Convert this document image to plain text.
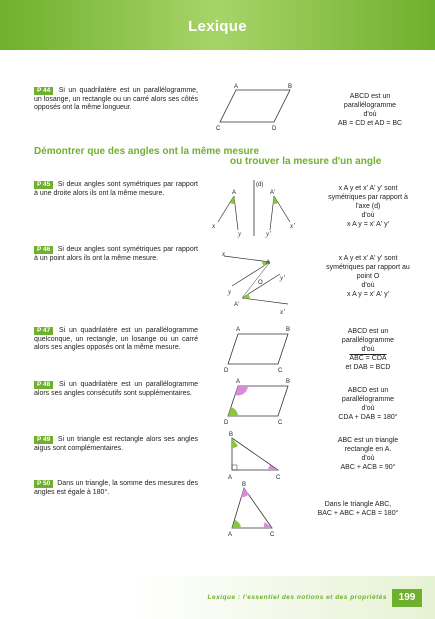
Lexique
P 44 Si un quadrilatère est un parallélogramme, un losange, un rectangle ou un carré alors ses côtés opposés ont la même longueur.
A	B
C	D
ABCD est un
parallélogramme
d'où
AB = CD et AD = BC
Démontrer que des angles ont la même mesure
ou trouver la mesure d'un angle
P 45 Si deux angles sont symétriques par rapport à une droite alors ils ont la même mesure.
(d)
A	A'
x
y	y'
x'
x A y et x' A' y' sont
symétriques par rapport à
l'axe (d)
d'où
x A y = x' A' y'
P 46 Si deux angles sont symétriques par rapport à un point alors ils ont la même mesure.
x
A
O
y
y'
A'
x'
x A y et x' A' y' sont
symétriques par rapport au
point O
d'où
x A y = x' A' y'
P 47 Si un quadrilatère est un parallélogramme quelconque, un rectangle, un losange ou un carré alors ses angles opposés ont la même mesure.
A	B
C
D
ABCD est un
parallélogramme
d'où
ABC = CDA
et DAB = BCD
P 48 Si un quadrilatère est un parallélogramme alors ses angles consécutifs sont supplémentaires.
A	B
C
D
ABCD est un
parallélogramme
d'où
CDA + DAB = 180°
P 49 Si un triangle est rectangle alors ses angles aigus sont complémentaires.
B
A	C
ABC est un triangle
rectangle en A.
d'où
ABC + ACB = 90°
P 50 Dans un triangle, la somme des mesures des angles est égale à 180°.
B
A	C
Dans le triangle ABC,
BAC + ABC + ACB = 180°
Lexique : l'essentiel des notions et des propriétés	199
